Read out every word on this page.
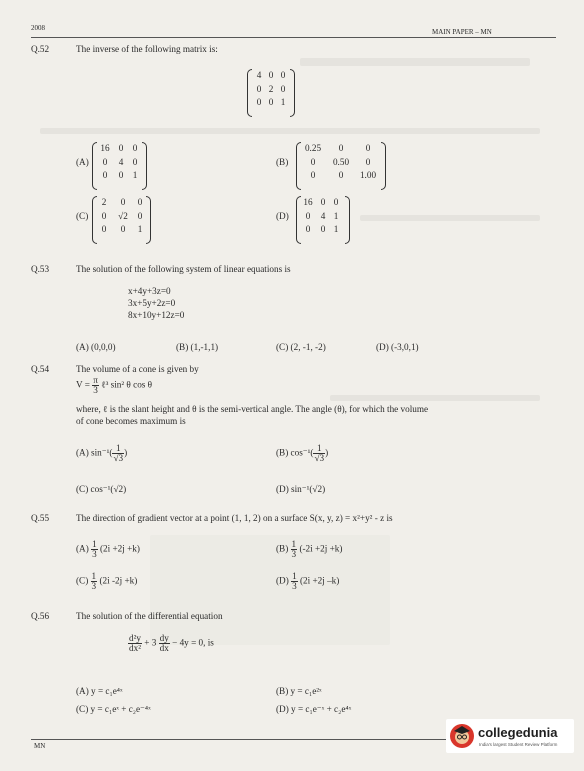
2008	MAIN PAPER – MN
Q.52	The inverse of the following matrix is:
4 0 0
0 2 0
0 0 1
(A)
16 0	0
0	4	0
0	0	1
(B)
0.25	0	0
0	0.50	0
0	0	1.00
(C)
2	0	0
0	√2	0
0	0	1
(D)
16 0 0
0	4 1
0	0 1
Q.53	The solution of the following system of linear equations is
x+4y+3z=0
3x+5y+2z=0
8x+10y+12z=0
(A) (0,0,0)	(B) (1,-1,1)	(C) (2, -1, -2)	(D) (-3,0,1)
Q.54	The volume of a cone is given by
$V = \frac{\pi}{3}$ ℓ³ sin² θ cos θ
where, ℓ is the slant height and θ is the semi-vertical angle. The angle (θ), for which the volume
of cone becomes maximum is
(A) $\sin^{-1}( \frac{1}{√3}$ )	(B) $\cos^{-1}( \frac{1}{√3}$ )
(C) cos⁻¹(√2)	(D) sin⁻¹(√2)
Q.55	The direction of gradient vector at a point (1, 1, 2) on a surface S(x, y, z) = x²+y² - z is
$(A) \frac{1}{3} (2i +2j +k)$	$(B) \frac{1}{3} (-2i +2j +k)$
$(C) \frac{1}{3} (2i$ -2j +k)	$(D) \frac{1}{3} (2i +2j$ –k)
Q.56	The solution of the differential equation
$\frac{\text{d²y}}{\text{dx²}} + 3 \frac{dy}{dx} - 4y = 0$, is
(A) y = c₁e⁴ˣ	(B) y = c₁e²ˣ
(C) y = c₁eˣ + c₂e⁻⁴ˣ	(D) y = c₁e⁻ˣ + c₂e⁴ˣ
MN
collegedunia
India's largest Student Review Platform
